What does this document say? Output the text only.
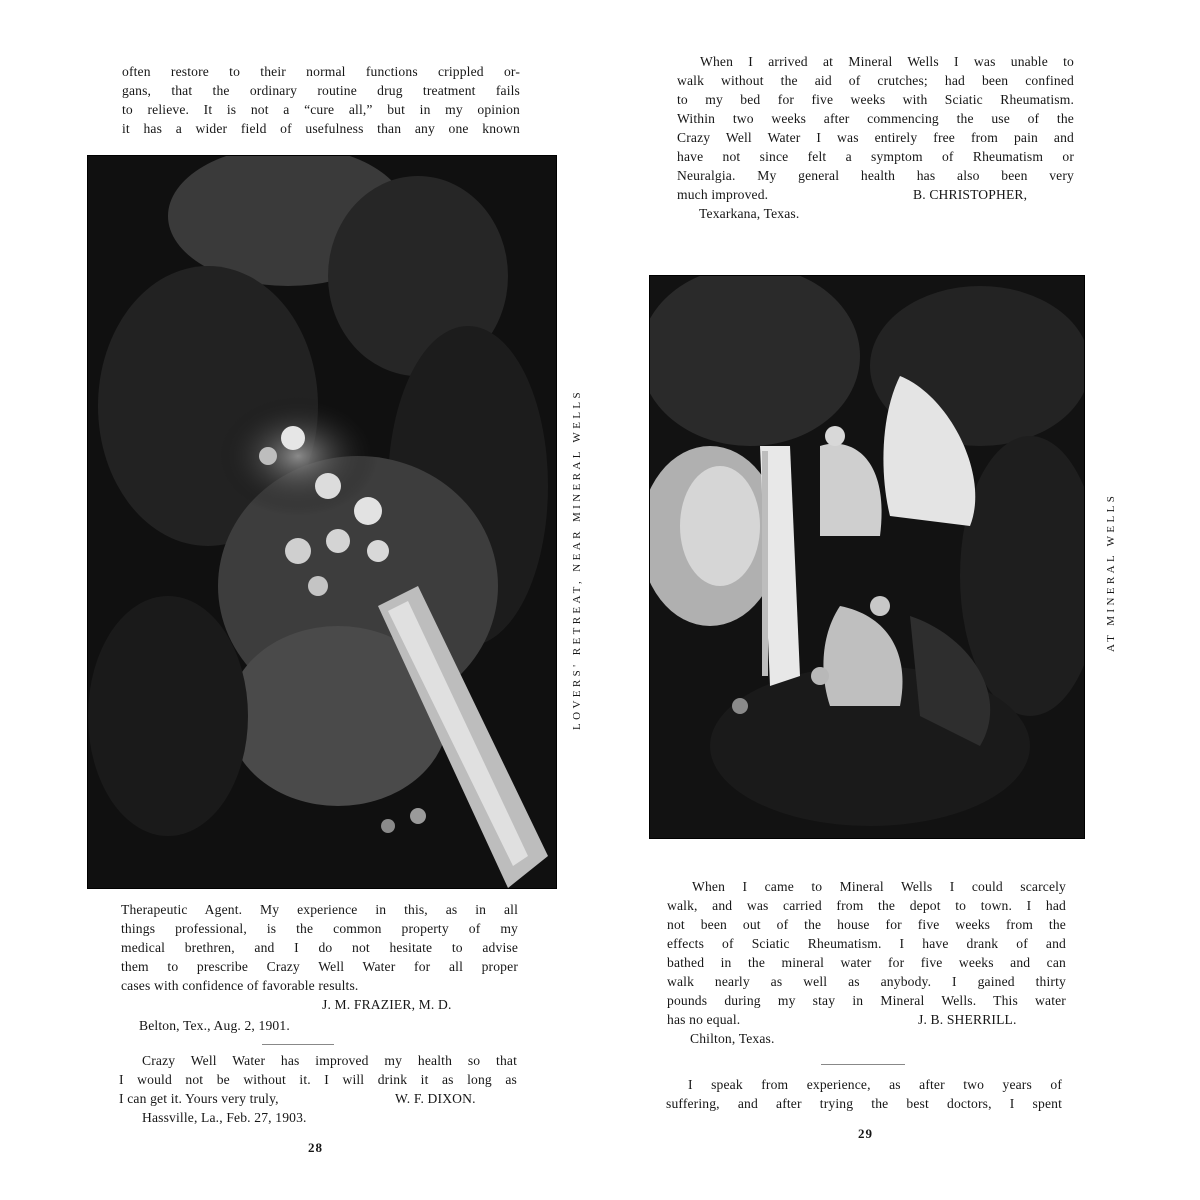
often restore to their normal functions crippled or-
gans, that the ordinary routine drug treatment fails
to relieve. It is not a “cure all,” but in my opinion
it has a wider field of usefulness than any one known
LOVERS' RETREAT, NEAR MINERAL WELLS
Therapeutic Agent. My experience in this, as in all
things professional, is the common property of my
medical brethren, and I do not hesitate to advise
them to prescribe Crazy Well Water for all proper
cases with confidence of favorable results.
J. M. FRAZIER, M. D.
Belton, Tex., Aug. 2, 1901.
Crazy Well Water has improved my health so that
I would not be without it. I will drink it as long as
I can get it. Yours very truly,	W. F. DIXON.
Hassville, La., Feb. 27, 1903.
28
When I arrived at Mineral Wells I was unable to
walk without the aid of crutches; had been confined
to my bed for five weeks with Sciatic Rheumatism.
Within two weeks after commencing the use of the
Crazy Well Water I was entirely free from pain and
have not since felt a symptom of Rheumatism or
Neuralgia. My general health has also been very
much improved.	B. CHRISTOPHER,
Texarkana, Texas.
AT MINERAL WELLS
When I came to Mineral Wells I could scarcely
walk, and was carried from the depot to town. I had
not been out of the house for five weeks from the
effects of Sciatic Rheumatism. I have drank of and
bathed in the mineral water for five weeks and can
walk nearly as well as anybody. I gained thirty
pounds during my stay in Mineral Wells. This water
has no equal.	J. B. SHERRILL.
Chilton, Texas.
I speak from experience, as after two years of
suffering, and after trying the best doctors, I spent
29
